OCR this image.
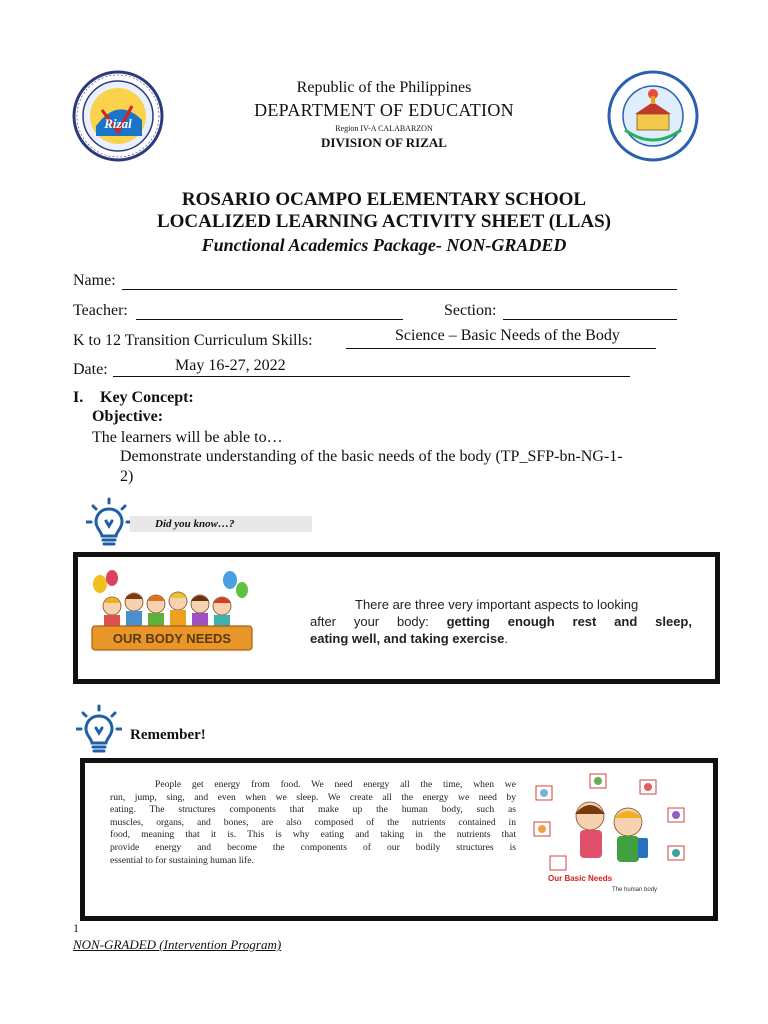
Rizal
Republic of the Philippines
DEPARTMENT OF EDUCATION
Region IV-A CALABARZON
DIVISION OF RIZAL
ROSARIO OCAMPO ELEMENTARY SCHOOL
LOCALIZED LEARNING ACTIVITY SHEET (LLAS)
Functional Academics Package- NON-GRADED
Name:
Teacher:	Section:
K to 12 Transition Curriculum Skills:	Science – Basic Needs of the Body
Date:	May 16-27, 2022
I. Key Concept:
Objective:
The learners will be able to…
Demonstrate understanding of the basic needs of the body (TP_SFP-bn-NG-1-
2)
Did you know…?
OUR BODY NEEDS
There are three very important aspects to looking
after your body: getting enough rest and sleep,
eating well, and taking exercise.
Remember!
People get energy from food. We need energy all the time, when we
run, jump, sing, and even when we sleep. We create all the energy we need by
eating. The structures components that make up the human body, such as
muscles, organs, and bones, are also composed of the nutrients contained in
food, meaning that it is. This is why eating and taking in the nutrients that
provide energy and become the components of our bodily structures is
essential to for sustaining human life.
Our Basic Needs
The human body
1
NON-GRADED (Intervention Program)
